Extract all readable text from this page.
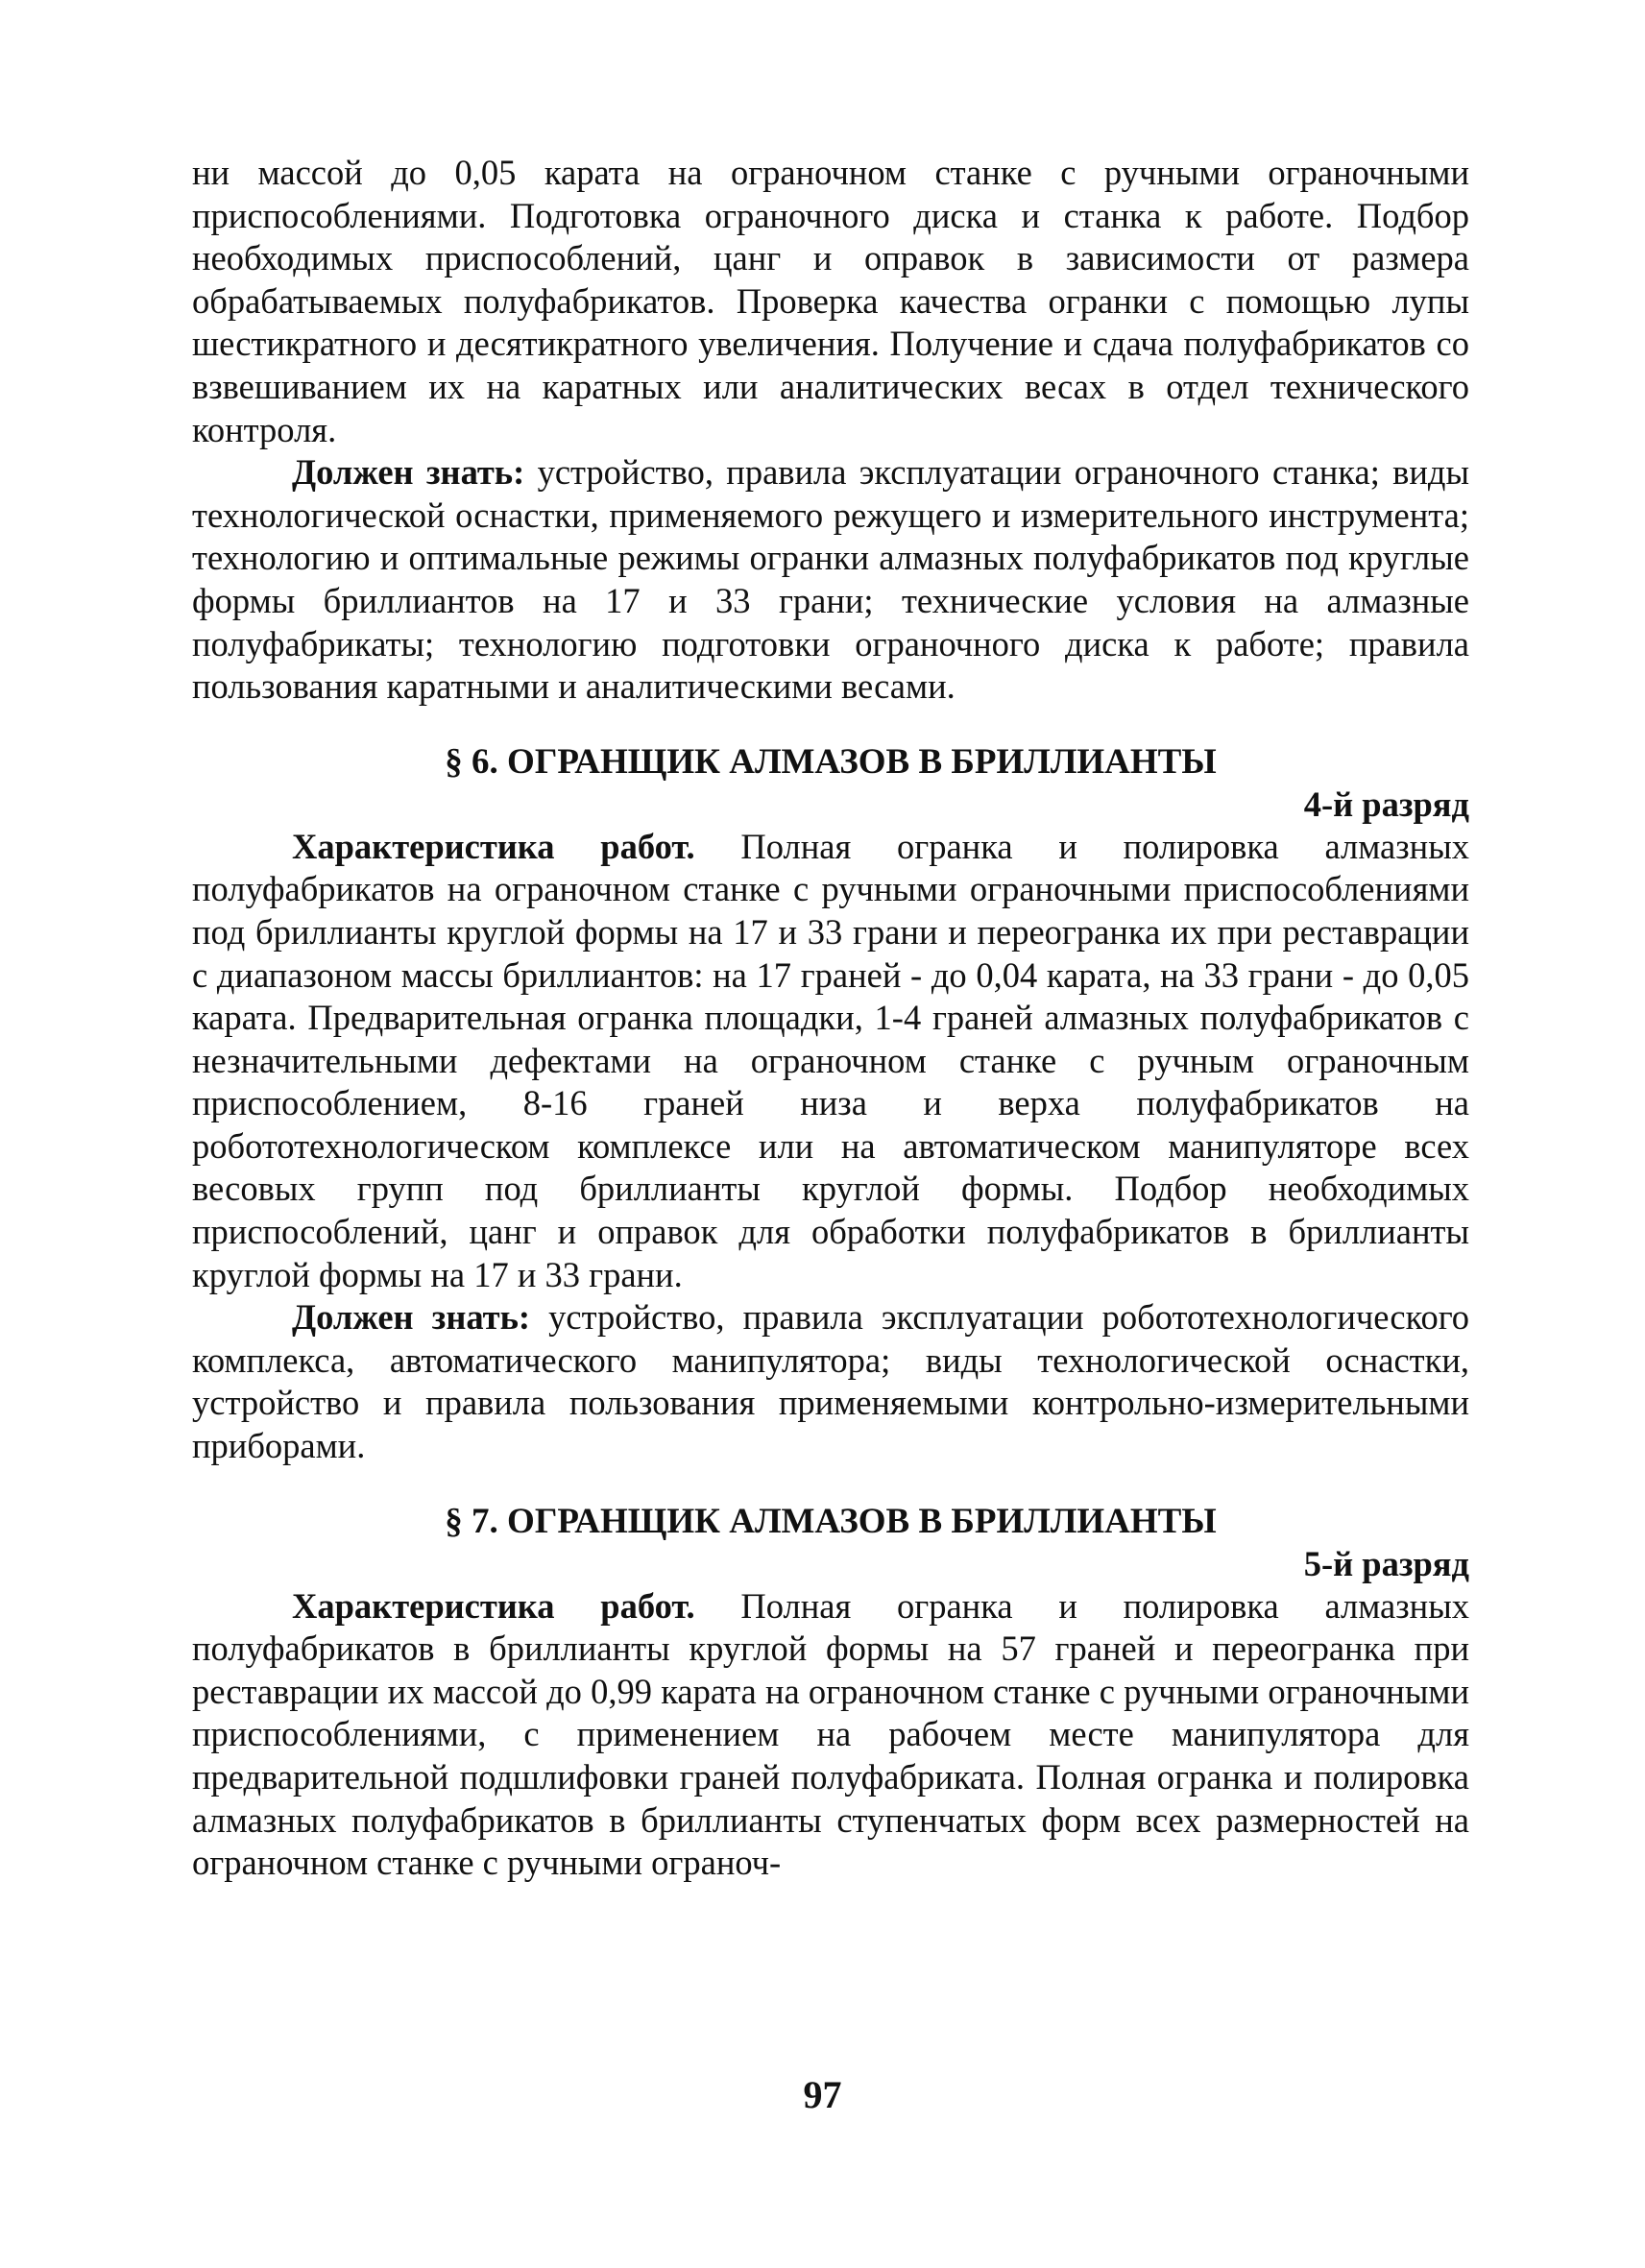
ни массой до 0,05 карата на ограночном станке с ручными ограночными приспособлениями. Подготовка ограночного диска и станка к работе. Подбор необходимых приспособлений, цанг и оправок в зависимости от размера обрабатываемых полуфабрикатов. Проверка качества огранки с помощью лупы шестикратного и десятикратного увеличения. Получение и сдача полуфабрикатов со взвешиванием их на каратных или аналитических весах в отдел технического контроля.

Должен знать: устройство, правила эксплуатации ограночного станка; виды технологической оснастки, применяемого режущего и измерительного инструмента; технологию и оптимальные режимы огранки алмазных полуфабрикатов под круглые формы бриллиантов на 17 и 33 грани; технические условия на алмазные полуфабрикаты; технологию подготовки ограночного диска к работе; правила пользования каратными и аналитическими весами.

§ 6. ОГРАНЩИК АЛМАЗОВ В БРИЛЛИАНТЫ
4-й разряд

Характеристика работ. Полная огранка и полировка алмазных полуфабрикатов на ограночном станке с ручными ограночными приспособлениями под бриллианты круглой формы на 17 и 33 грани и переогранка их при реставрации с диапазоном массы бриллиантов: на 17 граней - до 0,04 карата, на 33 грани - до 0,05 карата. Предварительная огранка площадки, 1-4 граней алмазных полуфабрикатов с незначительными дефектами на ограночном станке с ручным ограночным приспособлением, 8-16 граней низа и верха полуфабрикатов на робототехнологическом комплексе или на автоматическом манипуляторе всех весовых групп под бриллианты круглой формы. Подбор необходимых приспособлений, цанг и оправок для обработки полуфабрикатов в бриллианты круглой формы на 17 и 33 грани.

Должен знать: устройство, правила эксплуатации робототехнологического комплекса, автоматического манипулятора; виды технологической оснастки, устройство и правила пользования применяемыми контрольно-измерительными приборами.

§ 7. ОГРАНЩИК АЛМАЗОВ В БРИЛЛИАНТЫ
5-й разряд

Характеристика работ. Полная огранка и полировка алмазных полуфабрикатов в бриллианты круглой формы на 57 граней и переогранка при реставрации их массой до 0,99 карата на ограночном станке с ручными ограночными приспособлениями, с применением на рабочем месте манипулятора для предварительной подшлифовки граней полуфабриката. Полная огранка и полировка алмазных полуфабрикатов в бриллианты ступенчатых форм всех размерностей на ограночном станке с ручными ограноч-

97
